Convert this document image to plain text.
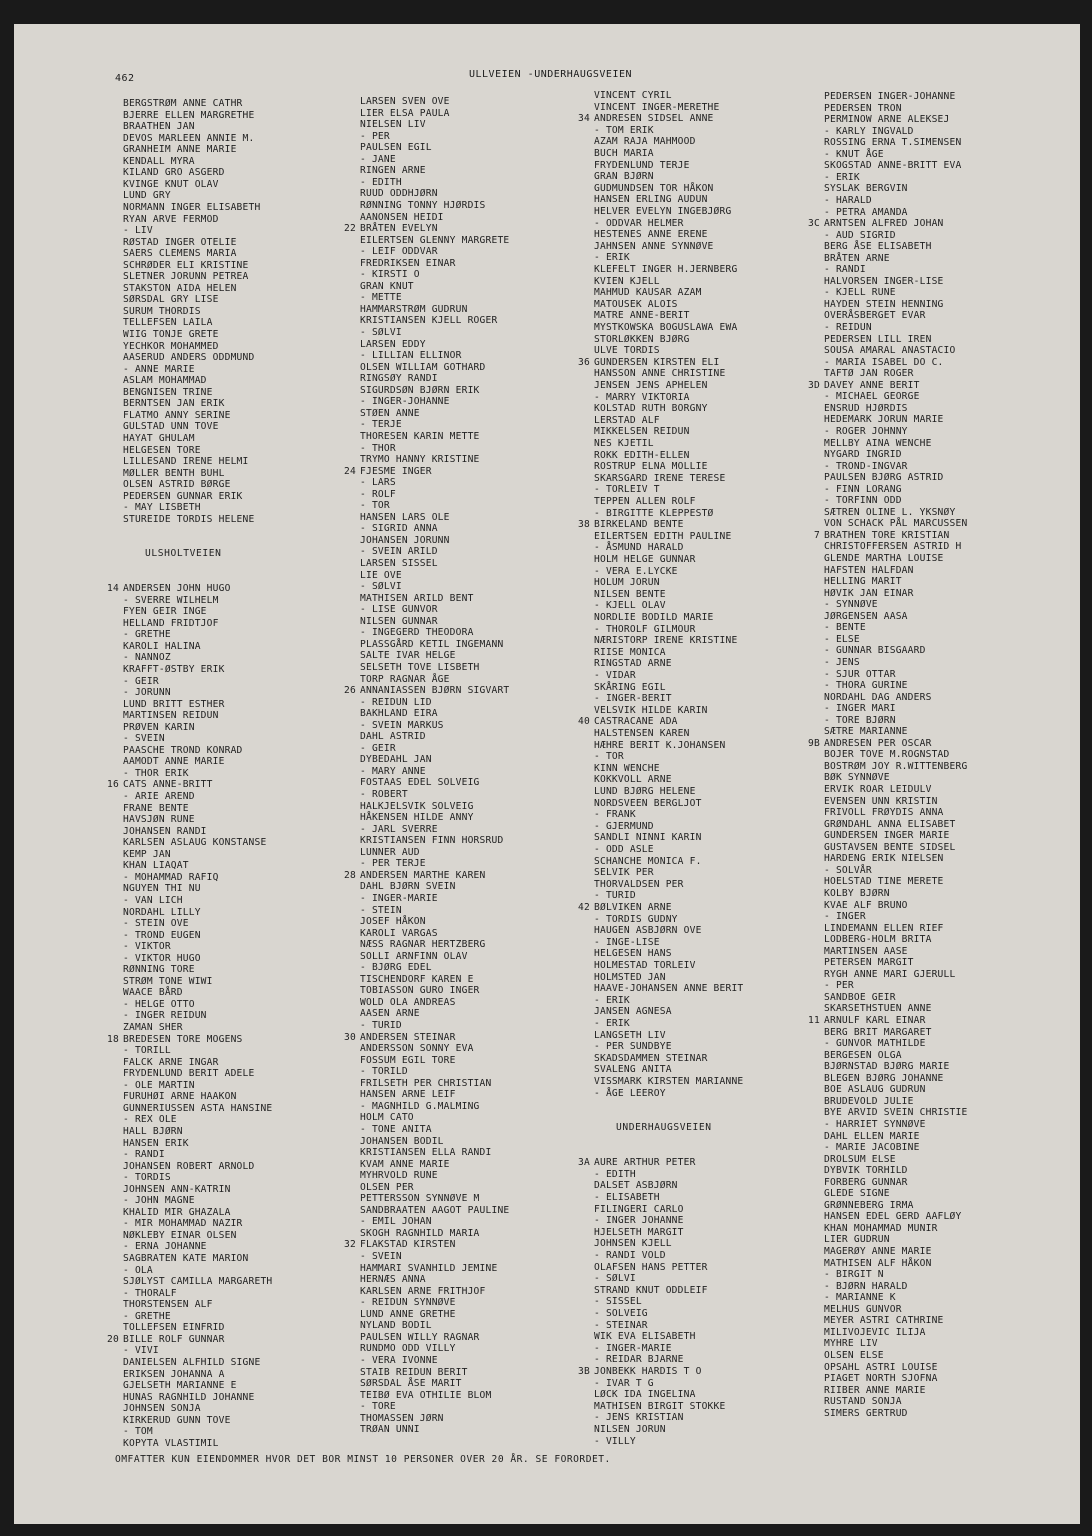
462	ULLVEIEN -UNDERHAUGSVEIEN
BERGSTRØM ANNE CATHR
BJERRE ELLEN MARGRETHE
BRAATHEN JAN
DEVOS MARLEEN ANNIE M.
GRANHEIM ANNE MARIE
KENDALL MYRA
KILAND GRO ASGERD
KVINGE KNUT OLAV
LUND GRY
NORMANN INGER ELISABETH
RYAN ARVE FERMOD
- LIV
RØSTAD INGER OTELIE
SAERS CLEMENS MARIA
SCHRØDER ELI KRISTINE
SLETNER JORUNN PETREA
STAKSTON AIDA HELEN
SØRSDAL GRY LISE
SURUM THORDIS
TELLEFSEN LAILA
WIIG TONJE GRETE
YECHKOR MOHAMMED
AASERUD ANDERS ODDMUND
- ANNE MARIE
ASLAM MOHAMMAD
BENGNISEN TRINE
BERNTSEN JAN ERIK
FLATMO ANNY SERINE
GULSTAD UNN TOVE
HAYAT GHULAM
HELGESEN TORE
LILLESAND IRENE HELMI
MØLLER BENTH BUHL
OLSEN ASTRID BØRGE
PEDERSEN GUNNAR ERIK
- MAY LISBETH
STUREIDE TORDIS HELENE
ULSHOLTVEIEN
14 ANDERSEN JOHN HUGO
- SVERRE WILHELM
FYEN GEIR INGE
HELLAND FRIDTJOF
- GRETHE
KAROLI HALINA
- NANNOZ
KRAFFT-ØSTBY ERIK
- GEIR
- JORUNN
LUND BRITT ESTHER
MARTINSEN REIDUN
PRØVEN KARIN
- SVEIN
PAASCHE TROND KONRAD
AAMODT ANNE MARIE
- THOR ERIK
16 CATS ANNE-BRITT
- ARIE AREND
FRANE BENTE
HAVSJØN RUNE
JOHANSEN RANDI
KARLSEN ASLAUG KONSTANSE
KEMP JAN
KHAN LIAQAT
- MOHAMMAD RAFIQ
NGUYEN THI NU
- VAN LICH
NORDAHL LILLY
- STEIN OVE
- TROND EUGEN
- VIKTOR
- VIKTOR HUGO
RØNNING TORE
STRØM TONE WIWI
WAACE BÅRD
- HELGE OTTO
- INGER REIDUN
ZAMAN SHER
18 BREDESEN TORE MOGENS
- TORILL
FALCK ARNE INGAR
FRYDENLUND BERIT ADELE
- OLE MARTIN
FURUHØI ARNE HAAKON
GUNNERIUSSEN ASTA HANSINE
- REX OLE
HALL BJØRN
HANSEN ERIK
- RANDI
JOHANSEN ROBERT ARNOLD
- TORDIS
JOHNSEN ANN-KATRIN
- JOHN MAGNE
KHALID MIR GHAZALA
- MIR MOHAMMAD NAZIR
NØKLEBY EINAR OLSEN
- ERNA JOHANNE
SAGBRATEN KATE MARION
- OLA
SJØLYST CAMILLA MARGARETH
- THORALF
THORSTENSEN ALF
- GRETHE
TOLLEFSEN EINFRID
20 BILLE ROLF GUNNAR
- VIVI
DANIELSEN ALFHILD SIGNE
ERIKSEN JOHANNA A
GJELSETH MARIANNE E
HUNAS RAGNHILD JOHANNE
JOHNSEN SONJA
KIRKERUD GUNN TOVE
- TOM
KOPYTA VLASTIMIL
LARSEN SVEN OVE
LIER ELSA PAULA
NIELSEN LIV
- PER
PAULSEN EGIL
- JANE
RINGEN ARNE
- EDITH
RUUD ODDHJØRN
RØNNING TONNY HJØRDIS
AANONSEN HEIDI
22 BRÅTEN EVELYN
EILERTSEN GLENNY MARGRETE
- LEIF ODDVAR
FREDRIKSEN EINAR
- KIRSTI O
GRAN KNUT
- METTE
HAMMARSTRØM GUDRUN
KRISTIANSEN KJELL ROGER
- SØLVI
LARSEN EDDY
- LILLIAN ELLINOR
OLSEN WILLIAM GOTHARD
RINGSØY RANDI
SIGURDSØN BJØRN ERIK
- INGER-JOHANNE
STØEN ANNE
- TERJE
THORESEN KARIN METTE
- THOR
TRYMO HANNY KRISTINE
24 FJESME INGER
- LARS
- ROLF
- TOR
HANSEN LARS OLE
- SIGRID ANNA
JOHANSEN JORUNN
- SVEIN ARILD
LARSEN SISSEL
LIE OVE
- SØLVI
MATHISEN ARILD BENT
- LISE GUNVOR
NILSEN GUNNAR
- INGEGERD THEODORA
PLASSGÅRD KETIL INGEMANN
SALTE IVAR HELGE
SELSETH TOVE LISBETH
TORP RAGNAR ÅGE
26 ANNANIASSEN BJØRN SIGVART
- REIDUN LID
BAKHLAND EIRA
- SVEIN MARKUS
DAHL ASTRID
- GEIR
DYBEDAHL JAN
- MARY ANNE
FOSTAAS EDEL SOLVEIG
- ROBERT
HALKJELSVIK SOLVEIG
HÅKENSEN HILDE ANNY
- JARL SVERRE
KRISTIANSEN FINN HORSRUD
LUNNER AUD
- PER TERJE
28 ANDERSEN MARTHE KAREN
DAHL BJØRN SVEIN
- INGER-MARIE
- STEIN
JOSEF HÅKON
KAROLI VARGAS
NÆSS RAGNAR HERTZBERG
SOLLI ARNFINN OLAV
- BJØRG EDEL
TISCHENDORF KAREN E
TOBIASSON GURO INGER
WOLD OLA ANDREAS
AASEN ARNE
- TURID
30 ANDERSEN STEINAR
ANDERSSON SONNY EVA
FOSSUM EGIL TORE
- TORILD
FRILSETH PER CHRISTIAN
HANSEN ARNE LEIF
- MAGNHILD G.MALMING
HOLM CATO
- TONE ANITA
JOHANSEN BODIL
KRISTIANSEN ELLA RANDI
KVAM ANNE MARIE
MYHRVOLD RUNE
OLSEN PER
PETTERSSON SYNNØVE M
SANDBRAATEN AAGOT PAULINE
- EMIL JOHAN
SKOGH RAGNHILD MARIA
32 FLAKSTAD KIRSTEN
- SVEIN
HAMMARI SVANHILD JEMINE
HERNÆS ANNA
KARLSEN ARNE FRITHJOF
- REIDUN SYNNØVE
LUND ANNE GRETHE
NYLAND BODIL
PAULSEN WILLY RAGNAR
RUNDMO ODD VILLY
- VERA IVONNE
STAIB REIDUN BERIT
SØRSDAL ÅSE MARIT
TEIBØ EVA OTHILIE BLOM
- TORE
THOMASSEN JØRN
TRØAN UNNI
VINCENT CYRIL
VINCENT INGER-MERETHE
34 ANDRESEN SIDSEL ANNE
- TOM ERIK
AZAM RAJA MAHMOOD
BUCH MARIA
FRYDENLUND TERJE
GRAN BJØRN
GUDMUNDSEN TOR HÅKON
HANSEN ERLING AUDUN
HELVER EVELYN INGEBJØRG
- ODDVAR HELMER
HESTENES ANNE ERENE
JAHNSEN ANNE SYNNØVE
- ERIK
KLEFELT INGER H.JERNBERG
KVIEN KJELL
MAHMUD KAUSAR AZAM
MATOUSEK ALOIS
MATRE ANNE-BERIT
MYSTKOWSKA BOGUSLAWA EWA
STORLØKKEN BJØRG
ULVE TORDIS
36 GUNDERSEN KIRSTEN ELI
HANSSON ANNE CHRISTINE
JENSEN JENS APHELEN
- MARRY VIKTORIA
KOLSTAD RUTH BORGNY
LERSTAD ALF
MIKKELSEN REIDUN
NES KJETIL
ROKK EDITH-ELLEN
ROSTRUP ELNA MOLLIE
SKARSGARD IRENE TERESE
- TORLEIV T
TEPPEN ALLEN ROLF
- BIRGITTE KLEPPESTØ
38 BIRKELAND BENTE
EILERTSEN EDITH PAULINE
- ÅSMUND HARALD
HOLM HELGE GUNNAR
- VERA E.LYCKE
HOLUM JORUN
NILSEN BENTE
- KJELL OLAV
NORDLIE BODILD MARIE
- THOROLF GILMOUR
NÆRISTORP IRENE KRISTINE
RIISE MONICA
RINGSTAD ARNE
- VIDAR
SKÅRING EGIL
- INGER-BERIT
VELSVIK HILDE KARIN
40 CASTRACANE ADA
HALSTENSEN KAREN
HÆHRE BERIT K.JOHANSEN
- TOR
KINN WENCHE
KOKKVOLL ARNE
LUND BJØRG HELENE
NORDSVEEN BERGLJOT
- FRANK
- GJERMUND
SANDLI NINNI KARIN
- ODD ASLE
SCHANCHE MONICA F.
SELVIK PER
THORVALDSEN PER
- TURID
42 BØLVIKEN ARNE
- TORDIS GUDNY
HAUGEN ASBJØRN OVE
- INGE-LISE
HELGESEN HANS
HOLMESTAD TORLEIV
HOLMSTED JAN
HAAVE-JOHANSEN ANNE BERIT
- ERIK
JANSEN AGNESA
- ERIK
LANGSETH LIV
- PER SUNDBYE
SKADSDAMMEN STEINAR
SVALENG ANITA
VISSMARK KIRSTEN MARIANNE
- ÅGE LEEROY
UNDERHAUGSVEIEN
3A AURE ARTHUR PETER
- EDITH
DALSET ASBJØRN
- ELISABETH
FILINGERI CARLO
- INGER JOHANNE
HJELSETH MARGIT
JOHNSEN KJELL
- RANDI VOLD
OLAFSEN HANS PETTER
- SØLVI
STRAND KNUT ODDLEIF
- SISSEL
- SOLVEIG
- STEINAR
WIK EVA ELISABETH
- INGER-MARIE
- REIDAR BJARNE
3B JONBEKK HARDIS T O
- IVAR T G
LØCK IDA INGELINA
MATHISEN BIRGIT STOKKE
- JENS KRISTIAN
NILSEN JORUN
- VILLY
PEDERSEN INGER-JOHANNE
PEDERSEN TRON
PERMINOW ARNE ALEKSEJ
- KARLY INGVALD
ROSSING ERNA T.SIMENSEN
- KNUT ÅGE
SKOGSTAD ANNE-BRITT EVA
- ERIK
SYSLAK BERGVIN
- HARALD
- PETRA AMANDA
3C ARNTSEN ALFRED JOHAN
- AUD SIGRID
BERG ÅSE ELISABETH
BRÅTEN ARNE
- RANDI
HALVORSEN INGER-LISE
- KJELL RUNE
HAYDEN STEIN HENNING
OVERÅSBERGET EVAR
- REIDUN
PEDERSEN LILL IREN
SOUSA AMARAL ANASTACIO
- MARIA ISABEL DO C.
TAFTØ JAN ROGER
3D DAVEY ANNE BERIT
- MICHAEL GEORGE
ENSRUD HJØRDIS
HEDEMARK JORUN MARIE
- ROGER JOHNNY
MELLBY AINA WENCHE
NYGARD INGRID
- TROND-INGVAR
PAULSEN BJØRG ASTRID
- FINN LORANG
- TORFINN ODD
SÆTREN OLINE L. YKSNØY
VON SCHACK PÅL MARCUSSEN
7 BRATHEN TORE KRISTIAN
CHRISTOFFERSEN ASTRID H
GLENDE MARTHA LOUISE
HAFSTEN HALFDAN
HELLING MARIT
HØVIK JAN EINAR
- SYNNØVE
JØRGENSEN AASA
- BENTE
- ELSE
- GUNNAR BISGAARD
- JENS
- SJUR OTTAR
- THORA GURINE
NORDAHL DAG ANDERS
- INGER MARI
- TORE BJØRN
SÆTRE MARIANNE
9B ANDRESEN PER OSCAR
BOJER TOVE M.ROGNSTAD
BOSTRØM JOY R.WITTENBERG
BØK SYNNØVE
ERVIK ROAR LEIDULV
EVENSEN UNN KRISTIN
FRIVOLL FRØYDIS ANNA
GRØNDAHL ANNA ELISABET
GUNDERSEN INGER MARIE
GUSTAVSEN BENTE SIDSEL
HARDENG ERIK NIELSEN
- SOLVÅR
HOELSTAD TINE MERETE
KOLBY BJØRN
KVAE ALF BRUNO
- INGER
LINDEMANN ELLEN RIEF
LODBERG-HOLM BRITA
MARTINSEN AASE
PETERSEN MARGIT
RYGH ANNE MARI GJERULL
- PER
SANDBOE GEIR
SKARSETHSTUEN ANNE
11 ARNULF KARL EINAR
BERG BRIT MARGARET
- GUNVOR MATHILDE
BERGESEN OLGA
BJØRNSTAD BJØRG MARIE
BLEGEN BJØRG JOHANNE
BOE ASLAUG GUDRUN
BRUDEVOLD JULIE
BYE ARVID SVEIN CHRISTIE
- HARRIET SYNNØVE
DAHL ELLEN MARIE
- MARIE JACOBINE
DROLSUM ELSE
DYBVIK TORHILD
FORBERG GUNNAR
GLEDE SIGNE
GRØNNEBERG IRMA
HANSEN EDEL GERD AAFLØY
KHAN MOHAMMAD MUNIR
LIER GUDRUN
MAGERØY ANNE MARIE
MATHISEN ALF HÅKON
- BIRGIT N
- BJØRN HARALD
- MARIANNE K
MELHUS GUNVOR
MEYER ASTRI CATHRINE
MILIVOJEVIC ILIJA
MYHRE LIV
OLSEN ELSE
OPSAHL ASTRI LOUISE
PIAGET NORTH SJOFNA
RIIBER ANNE MARIE
RUSTAND SONJA
SIMERS GERTRUD
OMFATTER KUN EIENDOMMER HVOR DET BOR MINST 10 PERSONER OVER 20 ÅR. SE FORORDET.
